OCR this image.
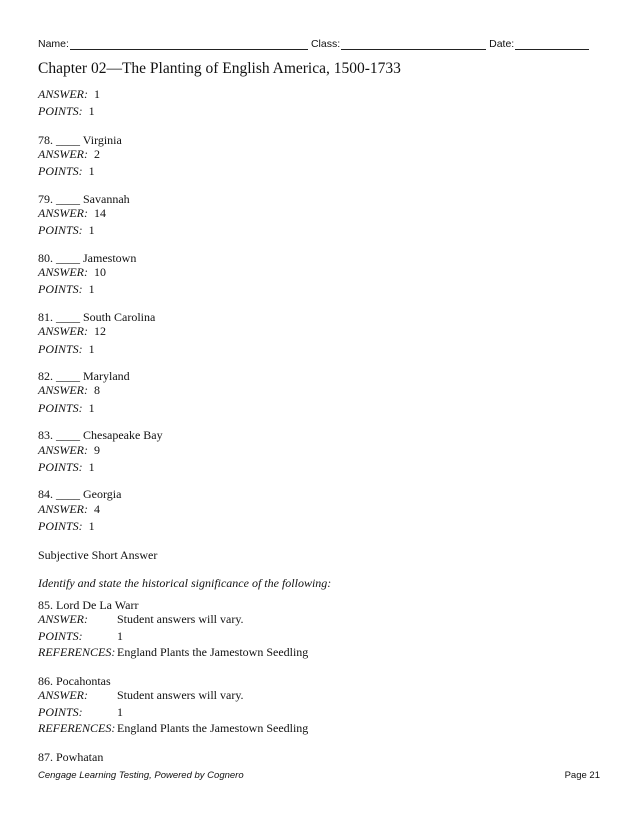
Name:	Class:	Date:
Chapter 02—The Planting of English America, 1500-1733
ANSWER: 1
POINTS: 1
78. ____ Virginia
ANSWER: 2
POINTS: 1
79. ____ Savannah
ANSWER: 14
POINTS: 1
80. ____ Jamestown
ANSWER: 10
POINTS: 1
81. ____ South Carolina
ANSWER: 12
POINTS: 1
82. ____ Maryland
ANSWER: 8
POINTS: 1
83. ____ Chesapeake Bay
ANSWER: 9
POINTS: 1
84. ____ Georgia
ANSWER: 4
POINTS: 1
Subjective Short Answer
Identify and state the historical significance of the following:
85. Lord De La Warr
ANSWER: Student answers will vary.
POINTS:	1
REFERENCES: England Plants the Jamestown Seedling
86. Pocahontas
ANSWER: Student answers will vary.
POINTS:	1
REFERENCES: England Plants the Jamestown Seedling
87. Powhatan
Cengage Learning Testing, Powered by Cognero	Page 21
